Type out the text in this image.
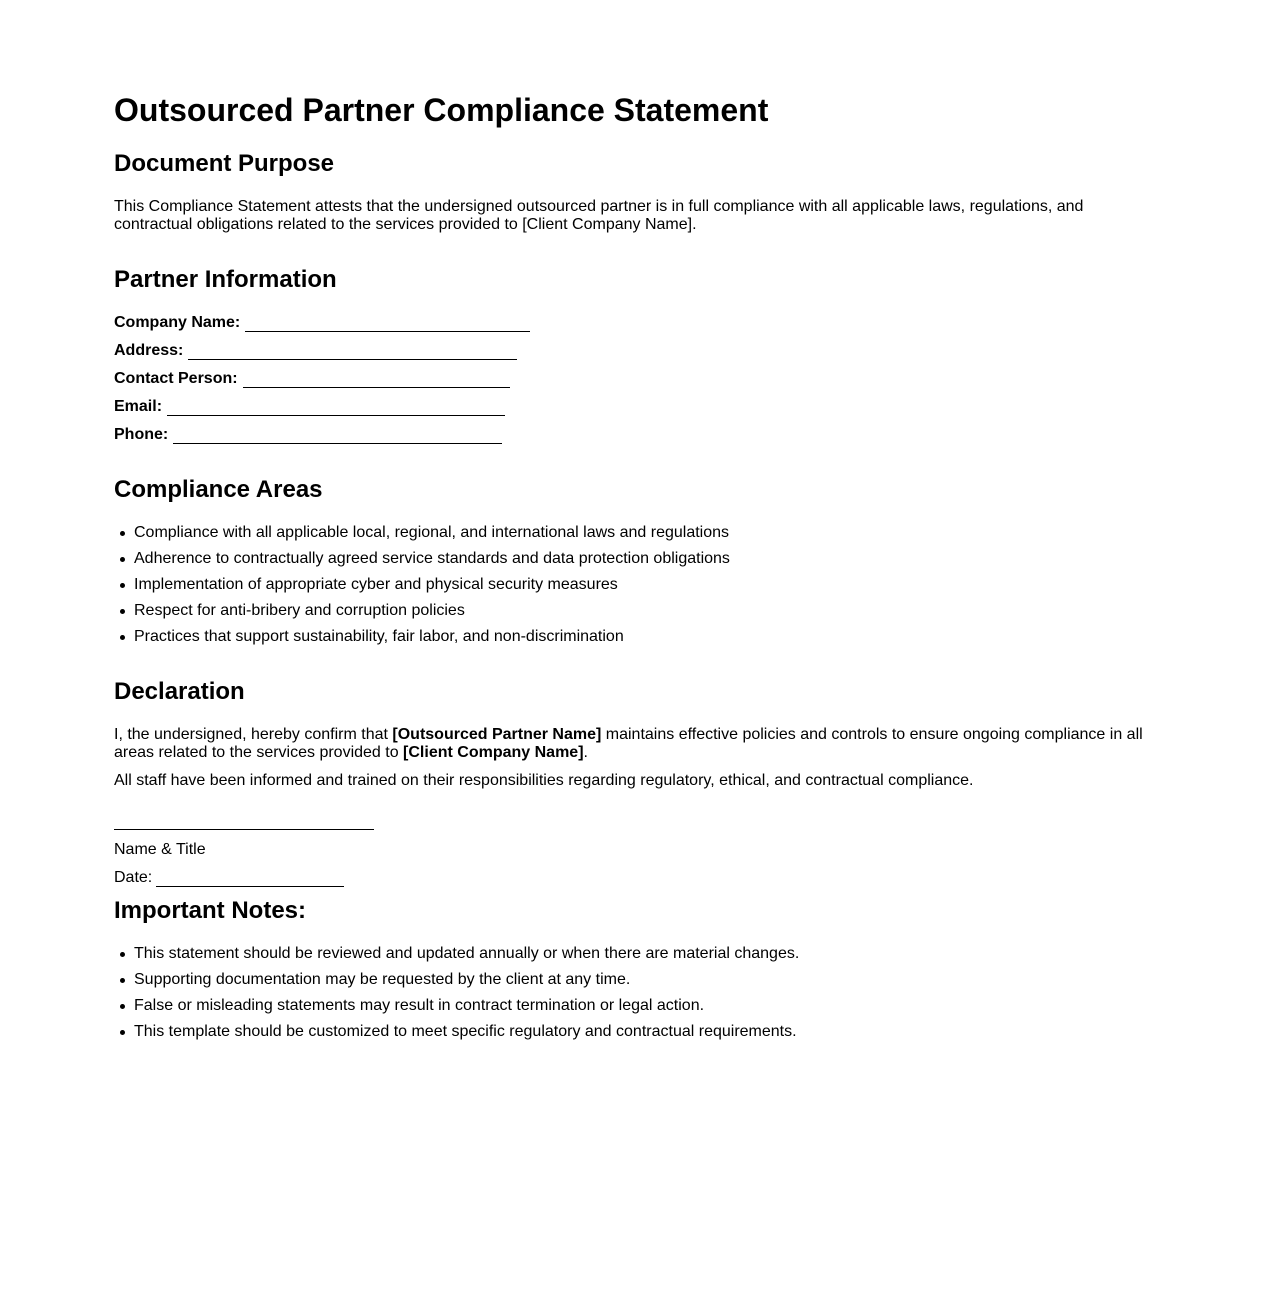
Outsourced Partner Compliance Statement
Document Purpose

This Compliance Statement attests that the undersigned outsourced partner is in full compliance with all applicable laws, regulations, and contractual obligations related to the services provided to [Client Company Name].

Partner Information
Company Name:
Address:
Contact Person:
Email:
Phone:
Compliance Areas
Compliance with all applicable local, regional, and international laws and regulations
Adherence to contractually agreed service standards and data protection obligations
Implementation of appropriate cyber and physical security measures
Respect for anti-bribery and corruption policies
Practices that support sustainability, fair labor, and non-discrimination
Declaration

I, the undersigned, hereby confirm that [Outsourced Partner Name] maintains effective policies and controls to ensure ongoing compliance in all areas related to the services provided to [Client Company Name].

All staff have been informed and trained on their responsibilities regarding regulatory, ethical, and contractual compliance.

Name & Title
Date:
Important Notes:
This statement should be reviewed and updated annually or when there are material changes.
Supporting documentation may be requested by the client at any time.
False or misleading statements may result in contract termination or legal action.
This template should be customized to meet specific regulatory and contractual requirements.
